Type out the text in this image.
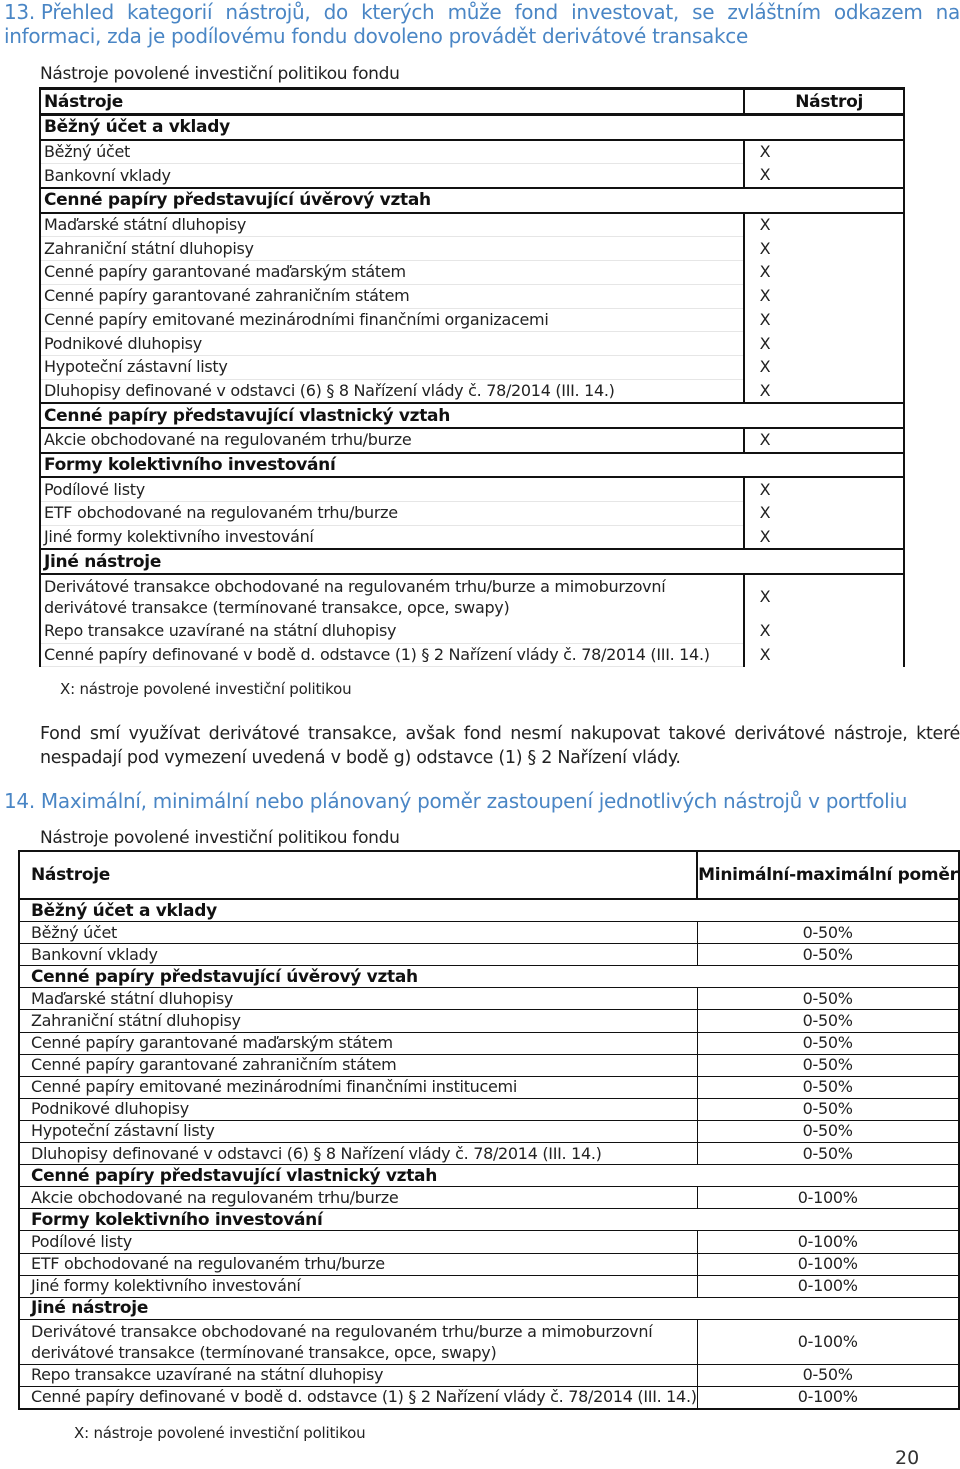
13. Přehled kategorií nástrojů, do kterých může fond investovat, se zvláštním odkazem na informaci, zda je podílovému fondu dovoleno provádět derivátové transakce
Nástroje povolené investiční politikou fondu
Nástroje	Nástroj

Běžný účet a vklady	
Běžný účet	X
Bankovní vklady	X
Cenné papíry představující úvěrový vztah	
Maďarské státní dluhopisy	X
Zahraniční státní dluhopisy	X
Cenné papíry garantované maďarským státem	X
Cenné papíry garantované zahraničním státem	X
Cenné papíry emitované mezinárodními finančními organizacemi	X
Podnikové dluhopisy	X
Hypoteční zástavní listy	X
Dluhopisy definované v odstavci (6) § 8 Nařízení vlády č. 78/2014 (III. 14.)	X
Cenné papíry představující vlastnický vztah	
Akcie obchodované na regulovaném trhu/burze	X
Formy kolektivního investování	
Podílové listy	X
ETF obchodované na regulovaném trhu/burze	X
Jiné formy kolektivního investování	X
Jiné nástroje	
Derivátové transakce obchodované na regulovaném trhu/burze a mimoburzovní derivátové transakce (termínované transakce, opce, swapy)	X
Repo transakce uzavírané na státní dluhopisy	X
Cenné papíry definované v bodě d. odstavce (1) § 2 Nařízení vlády č. 78/2014 (III. 14.)	X
X: nástroje povolené investiční politikou
Fond smí využívat derivátové transakce, avšak fond nesmí nakupovat takové derivátové nástroje, které nespadají pod vymezení uvedená v bodě g) odstavce (1) § 2 Nařízení vlády.
14. Maximální, minimální nebo plánovaný poměr zastoupení jednotlivých nástrojů v portfoliu
Nástroje povolené investiční politikou fondu
Nástroje	Minimální-maximální poměr
Běžný účet a vklady	
Běžný účet	0-50%
Bankovní vklady	0-50%
Cenné papíry představující úvěrový vztah	
Maďarské státní dluhopisy	0-50%
Zahraniční státní dluhopisy	0-50%
Cenné papíry garantované maďarským státem	0-50%
Cenné papíry garantované zahraničním státem	0-50%
Cenné papíry emitované mezinárodními finančními institucemi	0-50%
Podnikové dluhopisy	0-50%
Hypoteční zástavní listy	0-50%
Dluhopisy definované v odstavci (6) § 8 Nařízení vlády č. 78/2014 (III. 14.)	0-50%
Cenné papíry představující vlastnický vztah	
Akcie obchodované na regulovaném trhu/burze	0-100%
Formy kolektivního investování	
Podílové listy	0-100%
ETF obchodované na regulovaném trhu/burze	0-100%
Jiné formy kolektivního investování	0-100%
Jiné nástroje	
Derivátové transakce obchodované na regulovaném trhu/burze a mimoburzovní derivátové transakce (termínované transakce, opce, swapy)	0-100%
Repo transakce uzavírané na státní dluhopisy	0-50%
Cenné papíry definované v bodě d. odstavce (1) § 2 Nařízení vlády č. 78/2014 (III. 14.)	0-100%
X: nástroje povolené investiční politikou
20
